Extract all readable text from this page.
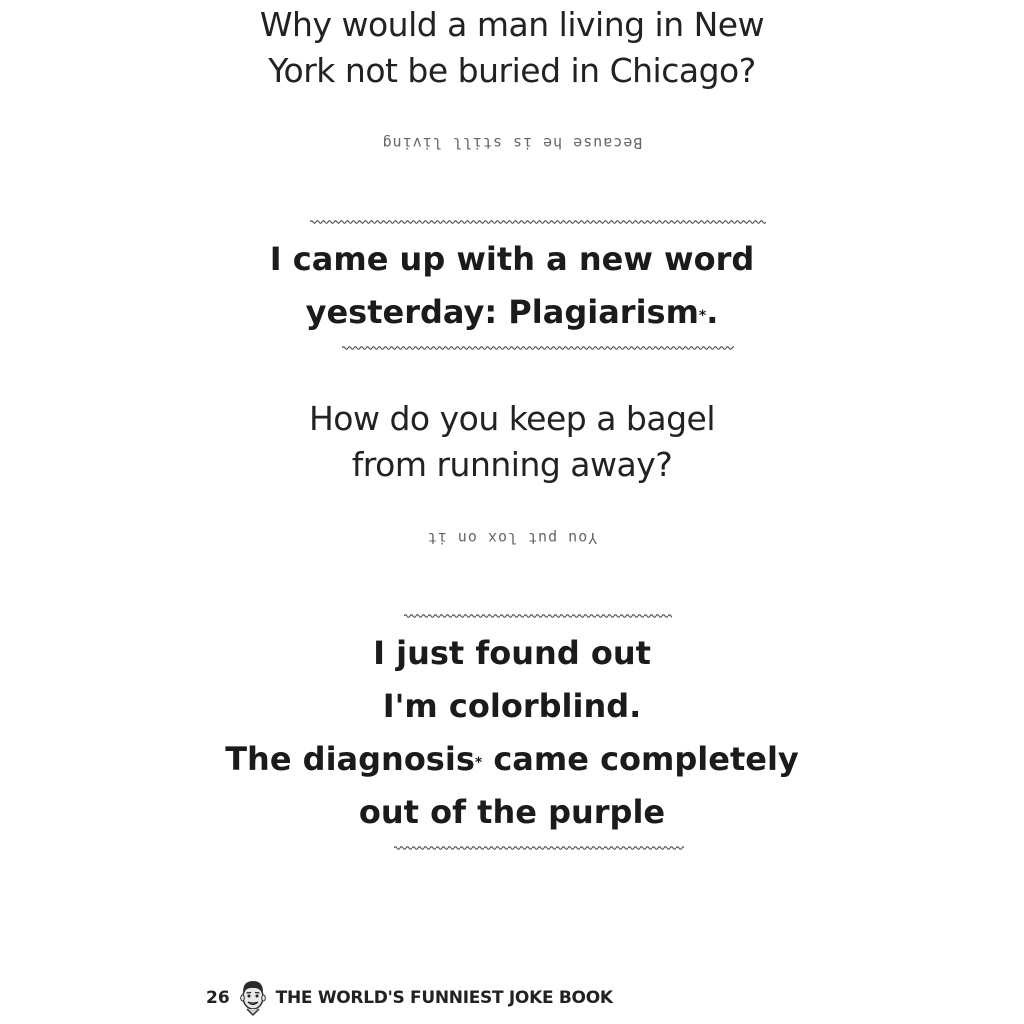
Why would a man living in New
York not be buried in Chicago?
Because he is still living
I came up with a new word
yesterday: Plagiarism*.
How do you keep a bagel
from running away?
You put lox on it
I just found out
I'm colorblind.
The diagnosis* came completely
out of the purple
26	THE WORLD'S FUNNIEST JOKE BOOK
